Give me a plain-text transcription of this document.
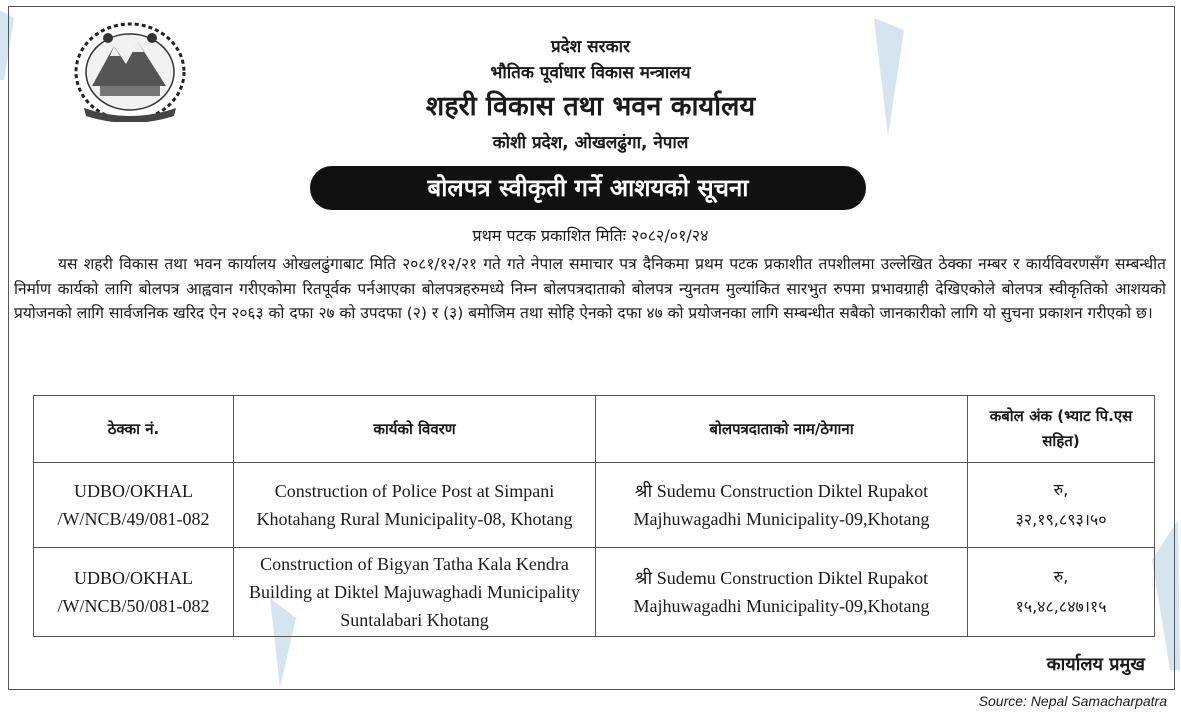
प्रदेश सरकार
भौतिक पूर्वाधार विकास मन्त्रालय
शहरी विकास तथा भवन कार्यालय
कोशी प्रदेश, ओखलढुंगा, नेपाल
बोलपत्र स्वीकृती गर्ने आशयको सूचना
प्रथम पटक प्रकाशित मितिः २०८२/०१/२४
यस शहरी विकास तथा भवन कार्यालय ओखलढुंगाबाट मिति २०८१/१२/२१ गते गते नेपाल समाचार पत्र दैनिकमा प्रथम पटक प्रकाशीत तपशीलमा उल्लेखित ठेक्का नम्बर र कार्यविवरणसँग सम्बन्धीत निर्माण कार्यको लागि बोलपत्र आह्ववान गरीएकोमा रितपूर्वक पर्नआएका बोलपत्रहरुमध्ये निम्न बोलपत्रदाताको बोलपत्र न्युनतम मुल्यांकित सारभुत रुपमा प्रभावग्राही देखिएकोले बोलपत्र स्वीकृतिको आशयको प्रयोजनको लागि सार्वजनिक खरिद ऐन २०६३ को दफा २७ को उपदफा (२) र (३) बमोजिम तथा सोहि ऐनको दफा ४७ को प्रयोजनका लागि सम्बन्धीत सबैको जानकारीको लागि यो सुचना प्रकाशन गरीएको छ।
ठेक्का नं.	कार्यको विवरण	बोलपत्रदाताको नाम/ठेगाना	कबोल अंक (भ्याट पि.एस सहित)
UDBO/OKHAL /W/NCB/49/081-082	Construction of Police Post at Simpani Khotahang Rural Municipality-08, Khotang	श्री Sudemu Construction Diktel Rupakot Majhuwagadhi Municipality-09,Khotang	रु,
३२,१९,८९३।५०

UDBO/OKHAL /W/NCB/50/081-082	Construction of Bigyan Tatha Kala Kendra Building at Diktel Majuwaghadi Municipality Suntalabari Khotang	श्री Sudemu Construction Diktel Rupakot Majhuwagadhi Municipality-09,Khotang	रु,
१५,४८,८४७।१५
कार्यालय प्रमुख
Source: Nepal Samacharpatra
